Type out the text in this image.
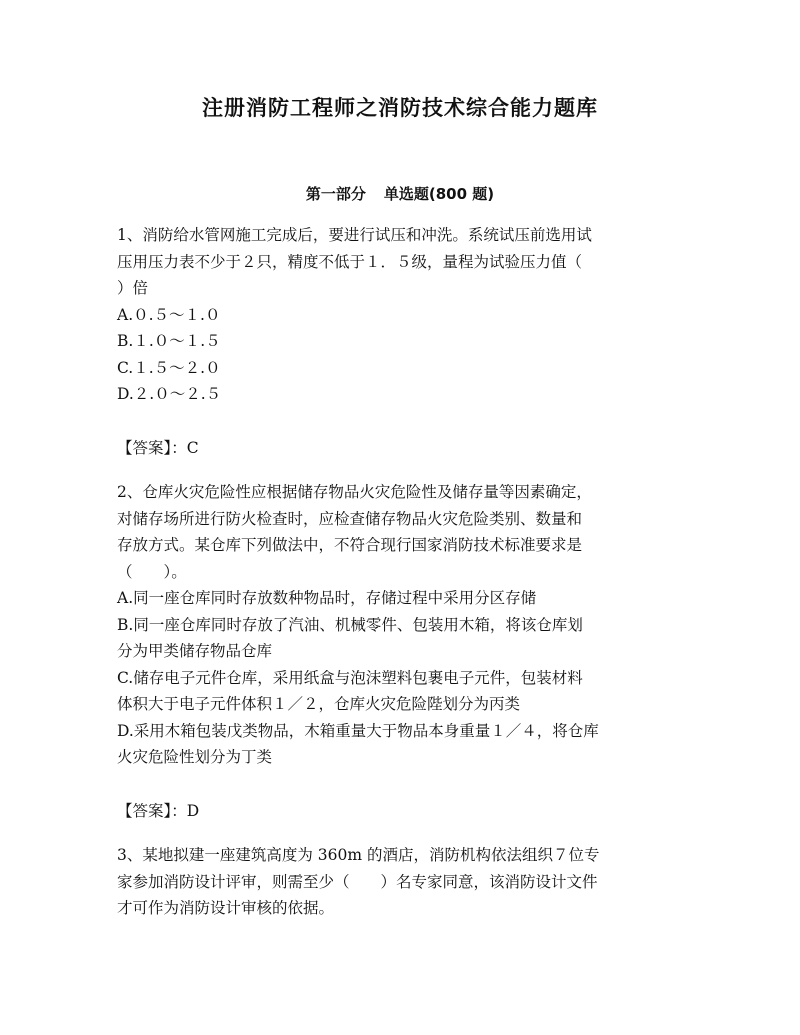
注册消防工程师之消防技术综合能力题库
第一部分 单选题(800 题)

1、消防给水管网施工完成后，要进行试压和冲洗。系统试压前选用试

压用压力表不少于２只，精度不低于１．５级，量程为试验压力值（

）倍

A.０.５～１.０

B.１.０～１.５

C.１.５～２.０

D.２.０～２.５

【答案】：C

2、仓库火灾危险性应根据储存物品火灾危险性及储存量等因素确定，

对储存场所进行防火检查时，应检查储存物品火灾危险类别、数量和

存放方式。某仓库下列做法中，不符合现行国家消防技术标准要求是

（　　）。

A.同一座仓库同时存放数种物品时，存储过程中采用分区存储

B.同一座仓库同时存放了汽油、机械零件、包装用木箱，将该仓库划

分为甲类储存物品仓库

C.储存电子元件仓库，采用纸盒与泡沫塑料包裹电子元件，包装材料

体积大于电子元件体积１／２，仓库火灾危险陛划分为丙类

D.采用木箱包装戊类物品，木箱重量大于物品本身重量１／４，将仓库

火灾危险性划分为丁类

【答案】：D

3、某地拟建一座建筑高度为 360m 的酒店，消防机构依法组织７位专

家参加消防设计评审，则需至少（　　）名专家同意，该消防设计文件

才可作为消防设计审核的依据。
